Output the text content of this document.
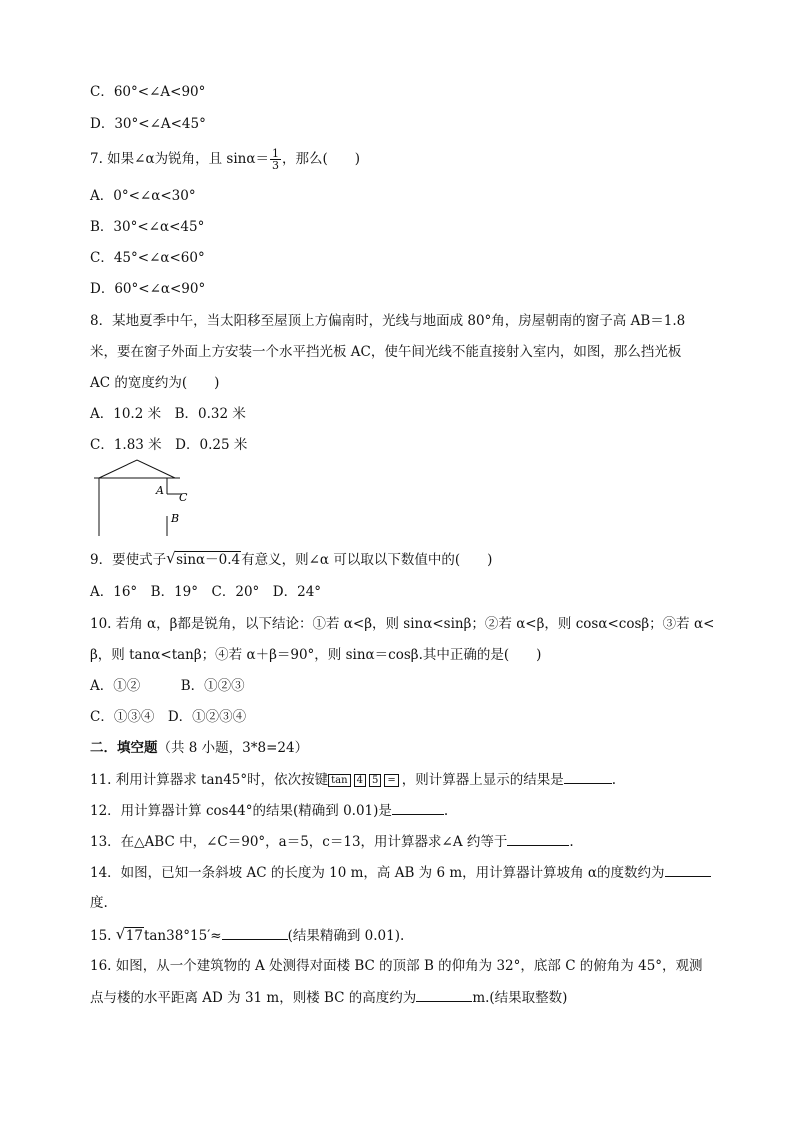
C．60°<∠A<90°
D．30°<∠A<45°
7. 如果∠α为锐角，且 $\sin\alpha= \frac{1}{3}$ ，那么(　　)
A．0°<∠α<30°
B．30°<∠α<45°
C．45°<∠α<60°
D．60°<∠α<90°
8．某地夏季中午，当太阳移至屋顶上方偏南时，光线与地面成 80°角，房屋朝南的窗子高 AB＝1.8
米，要在窗子外面上方安装一个水平挡光板 AC，使午间光线不能直接射入室内，如图，那么挡光板
AC 的宽度约为(　　)
A．10.2 米　B．0.32 米
C．1.83 米　D．0.25 米
A
C
B
9．要使式子 √ sinα－0.4有意义，则∠α 可以取以下数值中的(　　)
A．16°　B．19°　C．20°　D．24°
10. 若角 α，β都是锐角，以下结论：①若 α<β，则 sinα<sinβ；②若 α<β，则 cosα<cosβ；③若 α<
β，则 tanα<tanβ；④若 α＋β＝90°，则 sinα＝cosβ.其中正确的是(　　)
A．①②　　　B．①②③
C．①③④　D．①②③④
二．填空题（共 8 小题，3*8=24）
11. 利用计算器求 tan45°时，依次按键 tan 4 5 = ，则计算器上显示的结果是	.
12．用计算器计算 cos44°的结果(精确到 0.01)是	.
13．在△ABC 中，∠C＝90°，a＝5，c＝13，用计算器求∠A 约等于	.
14．如图，已知一条斜坡 AC 的长度为 10 m，高 AB 为 6 m，用计算器计算坡角 α的度数约为
度.
15. √ 17tan38°15′≈	(结果精确到 0.01).
16. 如图，从一个建筑物的 A 处测得对面楼 BC 的顶部 B 的仰角为 32°，底部 C 的俯角为 45°，观测
点与楼的水平距离 AD 为 31 m，则楼 BC 的高度约为	m.(结果取整数)
